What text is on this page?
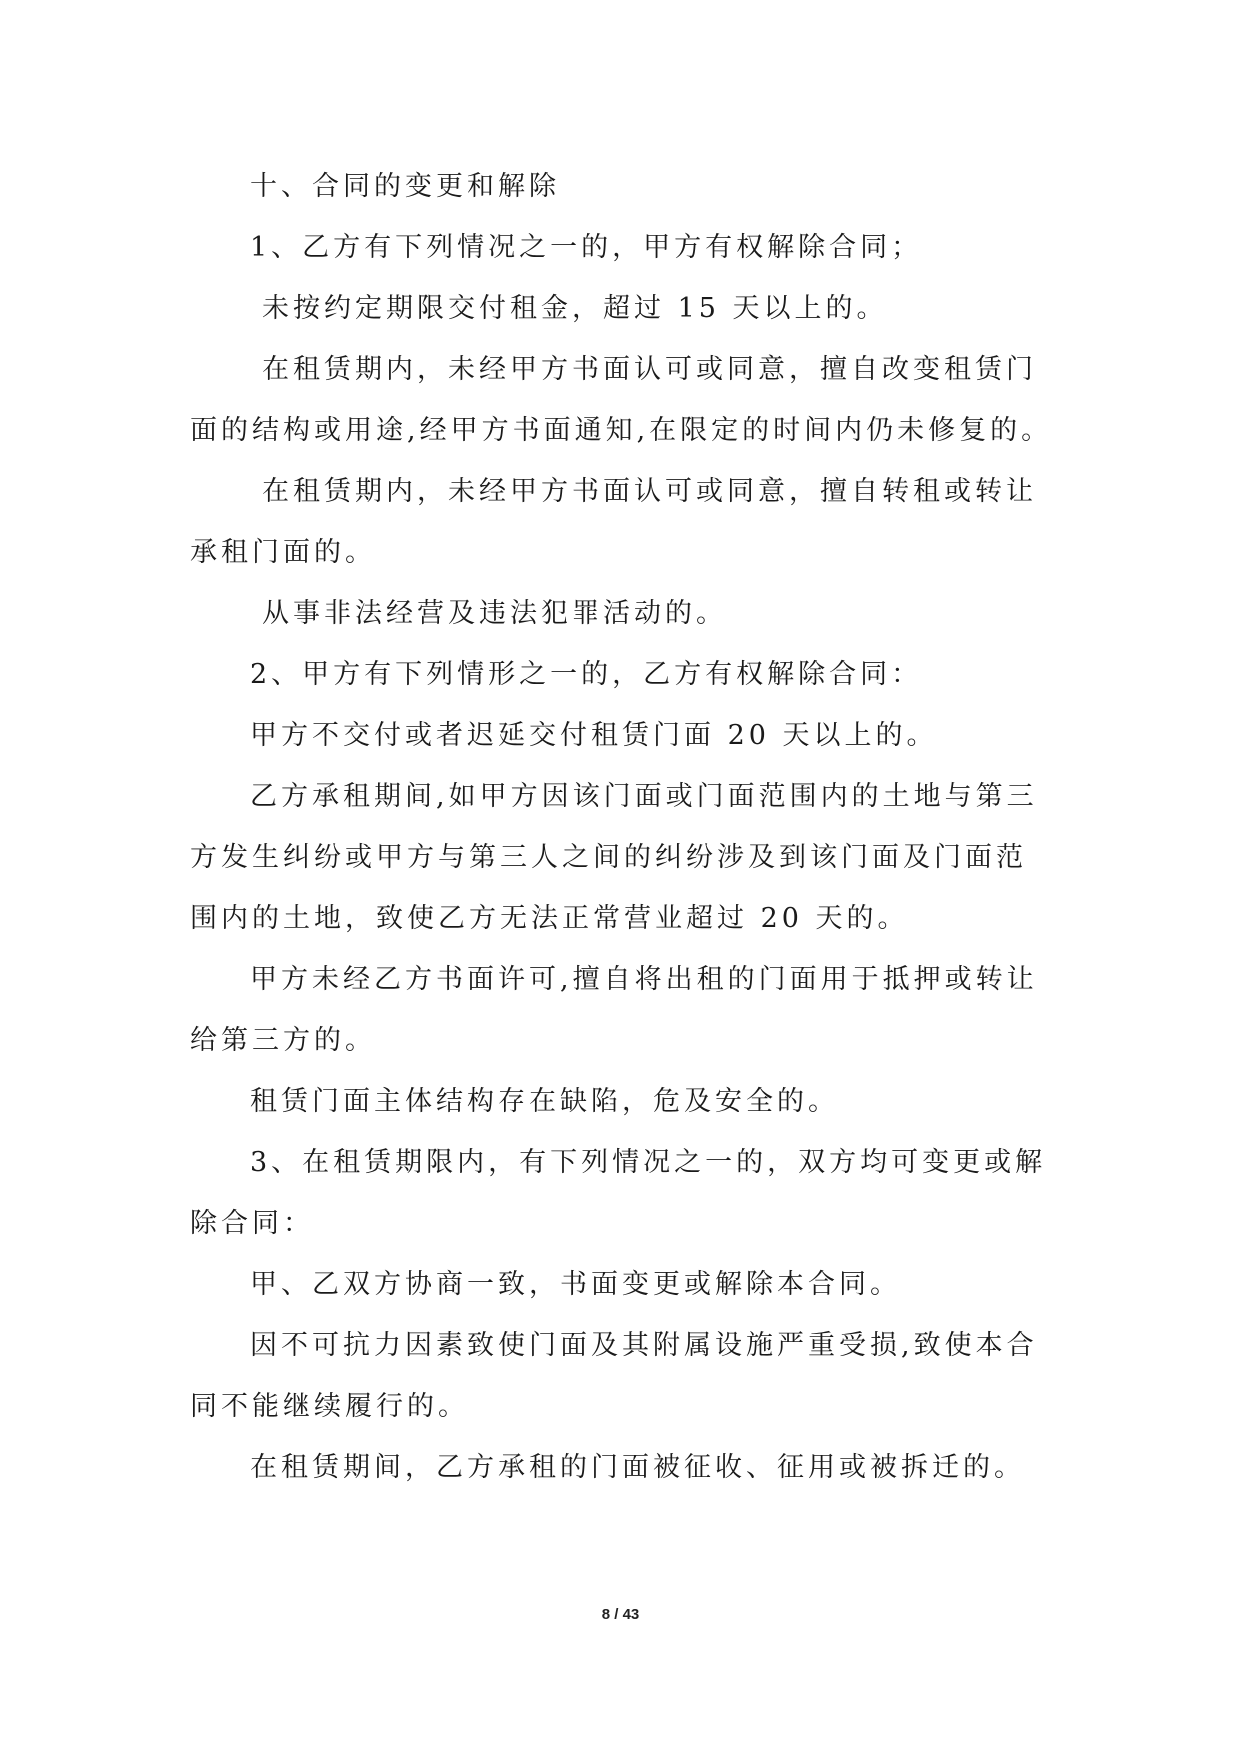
十、合同的变更和解除
1、乙方有下列情况之一的，甲方有权解除合同；
未按约定期限交付租金，超过 15 天以上的。
在租赁期内，未经甲方书面认可或同意，擅自改变租赁门
面的结构或用途,经甲方书面通知,在限定的时间内仍未修复的。
在租赁期内，未经甲方书面认可或同意，擅自转租或转让
承租门面的。
从事非法经营及违法犯罪活动的。
2、甲方有下列情形之一的，乙方有权解除合同：
甲方不交付或者迟延交付租赁门面 20 天以上的。
乙方承租期间,如甲方因该门面或门面范围内的土地与第三
方发生纠纷或甲方与第三人之间的纠纷涉及到该门面及门面范
围内的土地，致使乙方无法正常营业超过 20 天的。
甲方未经乙方书面许可,擅自将出租的门面用于抵押或转让
给第三方的。
租赁门面主体结构存在缺陷，危及安全的。
3、在租赁期限内，有下列情况之一的，双方均可变更或解
除合同：
甲、乙双方协商一致，书面变更或解除本合同。
因不可抗力因素致使门面及其附属设施严重受损,致使本合
同不能继续履行的。
在租赁期间，乙方承租的门面被征收、征用或被拆迁的。
8 / 43
